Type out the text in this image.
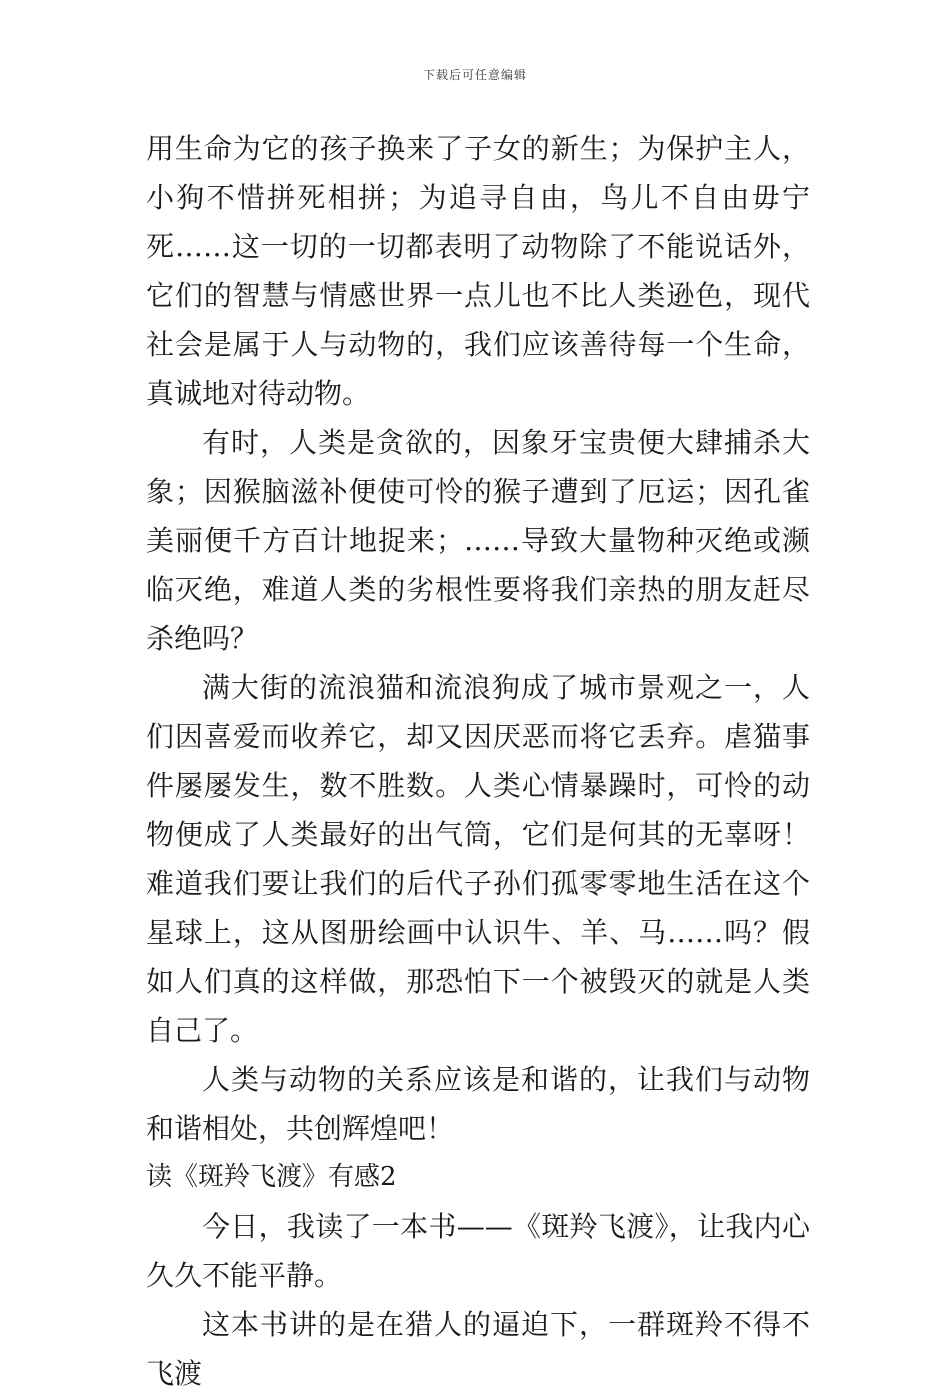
下载后可任意编辑

用生命为它的孩子换来了子女的新生；为保护主人，小狗不惜拼死相拼；为追寻自由，鸟儿不自由毋宁死……这一切的一切都表明了动物除了不能说话外，它们的智慧与情感世界一点儿也不比人类逊色，现代社会是属于人与动物的，我们应该善待每一个生命，真诚地对待动物。

有时，人类是贪欲的，因象牙宝贵便大肆捕杀大象；因猴脑滋补便使可怜的猴子遭到了厄运；因孔雀美丽便千方百计地捉来；……导致大量物种灭绝或濒临灭绝，难道人类的劣根性要将我们亲热的朋友赶尽杀绝吗？

满大街的流浪猫和流浪狗成了城市景观之一，人们因喜爱而收养它，却又因厌恶而将它丢弃。虐猫事件屡屡发生，数不胜数。人类心情暴躁时，可怜的动物便成了人类最好的出气筒，它们是何其的无辜呀！难道我们要让我们的后代子孙们孤零零地生活在这个星球上，这从图册绘画中认识牛、羊、马……吗？假如人们真的这样做，那恐怕下一个被毁灭的就是人类自己了。

人类与动物的关系应该是和谐的，让我们与动物和谐相处，共创辉煌吧！

读《斑羚飞渡》有感2

今日，我读了一本书——《斑羚飞渡》，让我内心久久不能平静。

这本书讲的是在猎人的逼迫下，一群斑羚不得不飞渡
